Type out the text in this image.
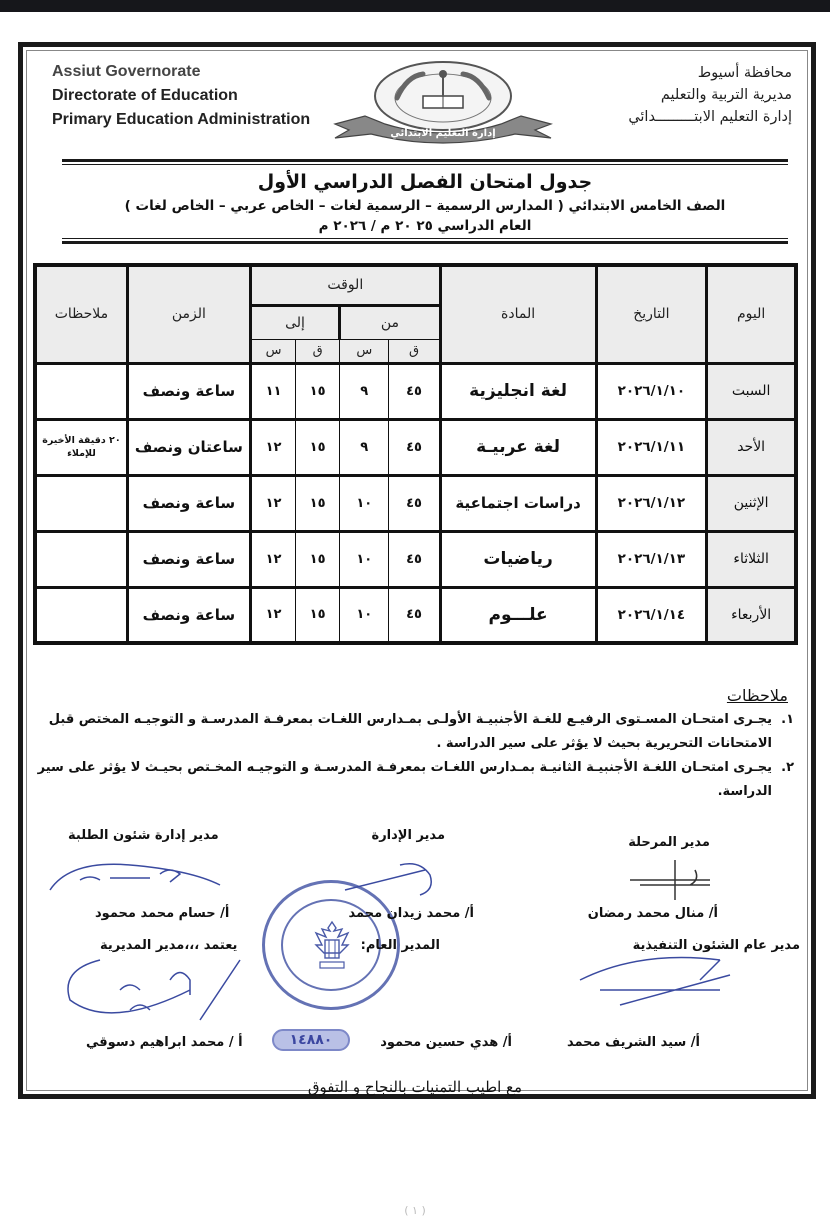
Assiut Governorate
Directorate of Education
Primary Education Administration
إدارة التعليم الابتدائي
محافظة أسيوط
مديرية التربية والتعليم
إدارة التعليم الابتـــــــــدائي
جدول امتحان الفصل الدراسي الأول
الصف الخامس الابتدائي ( المدارس الرسمية – الرسمية لغات – الخاص عربي – الخاص لغات )
العام الدراسي ٢٥ ٢٠ م / ٢٠٢٦ م
اليوم	التاريخ	المادة	الوقت				الزمن	ملاحظات
			من		إلى			
			ق	س	ق	س		
السبت	٢٠٢٦/١/١٠	لغة انجليزية	٤٥	٩	١٥	١١	ساعة ونصف	
الأحد	٢٠٢٦/١/١١	لغة عربيـة	٤٥	٩	١٥	١٢	ساعتان ونصف	٢٠ دقيقة الأخيرة للإملاء
الإثنين	٢٠٢٦/١/١٢	دراسات اجتماعية	٤٥	١٠	١٥	١٢	ساعة ونصف	
الثلاثاء	٢٠٢٦/١/١٣	رياضيات	٤٥	١٠	١٥	١٢	ساعة ونصف	
الأربعاء	٢٠٢٦/١/١٤	علـــوم	٤٥	١٠	١٥	١٢	ساعة ونصف	
ملاحظات
١.
يجـرى امتحـان المسـتوى الرفيـع للغـة الأجنبيـة الأولـى بمـدارس اللغـات بمعرفـة المدرسـة و التوجيـه المختص قبل الامتحانات التحريرية بحيث لا يؤثر على سير الدراسة .
٢.
يجـرى امتحـان اللغـة الأجنبيـة الثانيـة بمـدارس اللغـات بمعرفـة المدرسـة و التوجيـه المخـتص بحيـث لا يؤثر على سير الدراسة.
مدير المرحلة
مدير الإدارة
مدير إدارة شئون الطلبة
أ/ منال محمد رمضان
أ/ محمد زيدان محمد
أ/ حسام محمد محمود
مدير عام الشئون التنفيذية
المدير العام:
يعتمد ،،،مدير المديرية
أ/ سيد الشريف محمد
أ/ هدي حسين محمود
أ / محمد ابراهيم دسوقي	١٤٨٨٠
مع اطيب التمنيات بالنجاح و التفوق
( ١ )
